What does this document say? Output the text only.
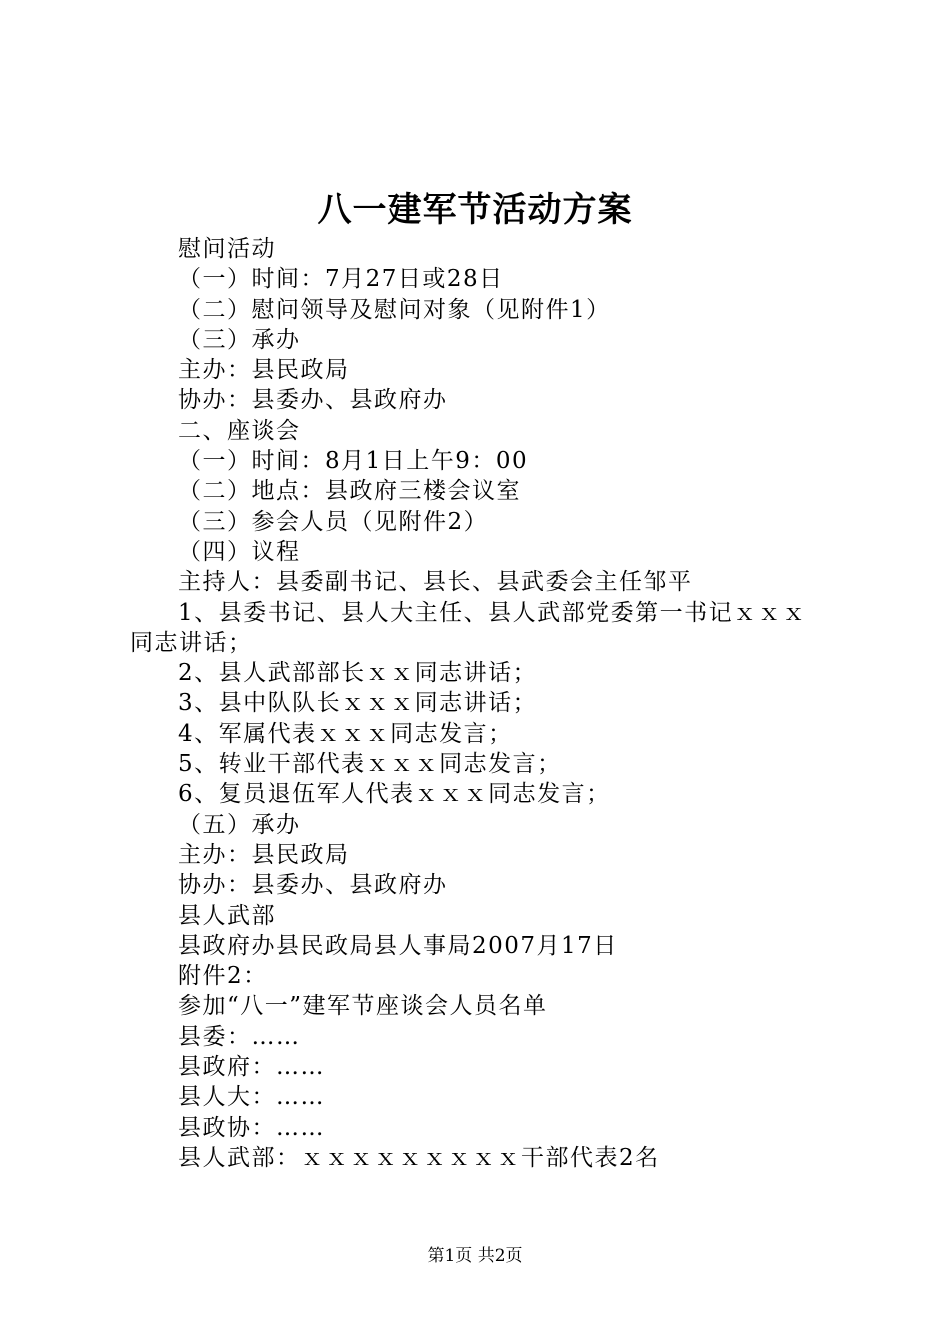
八一建军节活动方案

慰问活动

（一）时间：7月27日或28日

（二）慰问领导及慰问对象（见附件1）

（三）承办

主办：县民政局

协办：县委办、县政府办

二、座谈会

（一）时间：8月1日上午9：00

（二）地点：县政府三楼会议室

（三）参会人员（见附件2）

（四）议程

主持人：县委副书记、县长、县武委会主任邹平

1、县委书记、县人大主任、县人武部党委第一书记ｘｘｘ同志讲话；

2、县人武部部长ｘｘ同志讲话；

3、县中队队长ｘｘｘ同志讲话；

4、军属代表ｘｘｘ同志发言；

5、转业干部代表ｘｘｘ同志发言；

6、复员退伍军人代表ｘｘｘ同志发言；

（五）承办

主办：县民政局

协办：县委办、县政府办

县人武部

县政府办县民政局县人事局2007月17日

附件2：

参加“八一”建军节座谈会人员名单

县委：……

县政府：……

县人大：……

县政协：……

县人武部：ｘｘｘｘｘｘｘｘｘ干部代表2名

第1页 共2页
